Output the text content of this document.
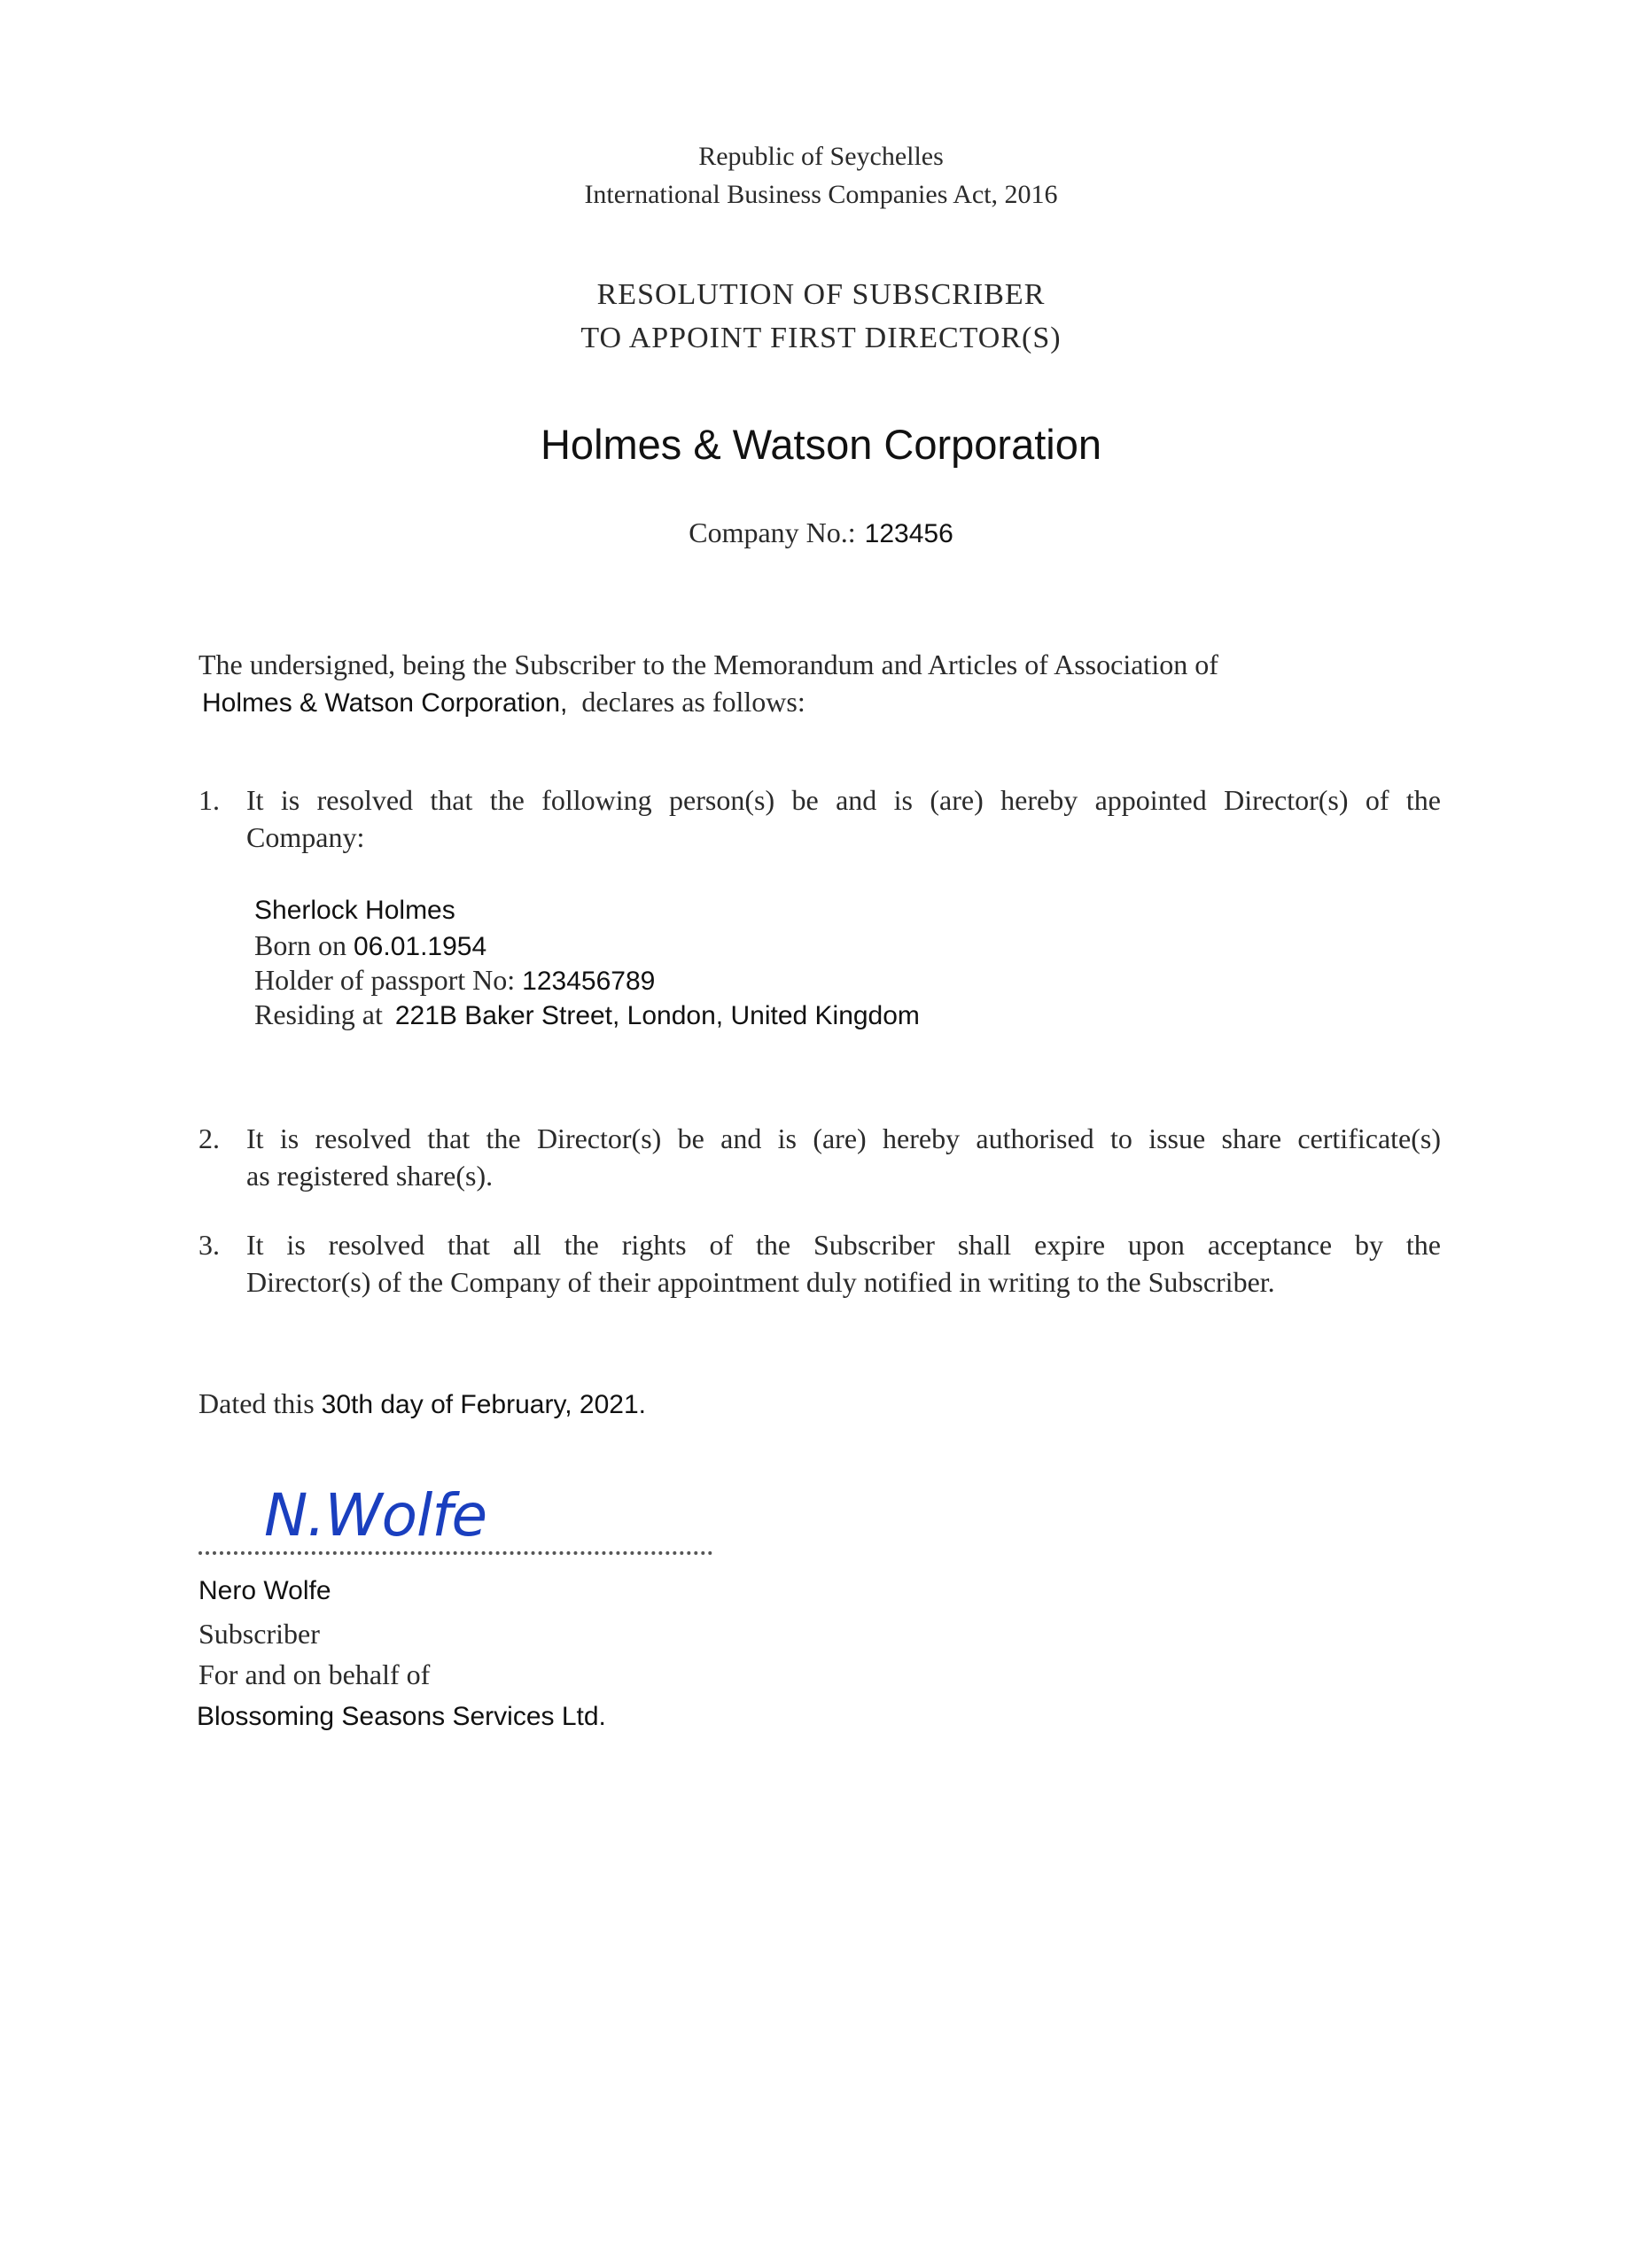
Republic of Seychelles
International Business Companies Act, 2016
RESOLUTION OF SUBSCRIBER
TO APPOINT FIRST DIRECTOR(S)
Holmes & Watson Corporation
Company No.: 123456
The undersigned, being the Subscriber to the Memorandum and Articles of Association of
Holmes & Watson Corporation, declares as follows:
1. It is resolved that the following person(s) be and is (are) hereby appointed Director(s) of the
Company:
Sherlock Holmes
Born on 06.01.1954
Holder of passport No: 123456789
Residing at 221B Baker Street, London, United Kingdom
2. It is resolved that the Director(s) be and is (are) hereby authorised to issue share certificate(s)
as registered share(s).
3. It is resolved that all the rights of the Subscriber shall expire upon acceptance by the
Director(s) of the Company of their appointment duly notified in writing to the Subscriber.
Dated this 30th day of February, 2021.
N.Wolfe
Nero Wolfe
Subscriber
For and on behalf of
Blossoming Seasons Services Ltd.
